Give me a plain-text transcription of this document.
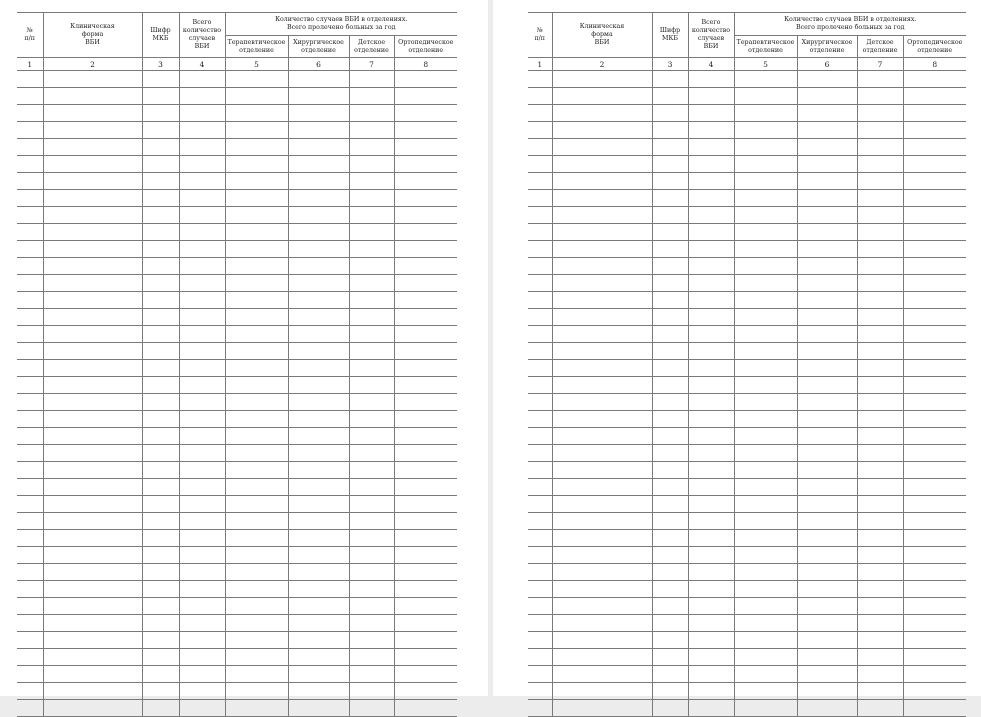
№
п/п	Клиническая
форма
ВБИ	Шифр
МКБ	Всего
количество
случаев
ВБИ	Количество случаев ВБИ в отделениях.
Всего пролечено больных за год			
				Терапевтическое
отделение	Хирургическое
отделение	Детское
отделение	Ортопедическое
отделение
1	2	3	4	5	6	7	8

№
п/п	Клиническая
форма
ВБИ	Шифр
МКБ	Всего
количество
случаев
ВБИ	Количество случаев ВБИ в отделениях.
Всего пролечено больных за год			
				Терапевтическое
отделение	Хирургическое
отделение	Детское
отделение	Ортопедическое
отделение
1	2	3	4	5	6	7	8
